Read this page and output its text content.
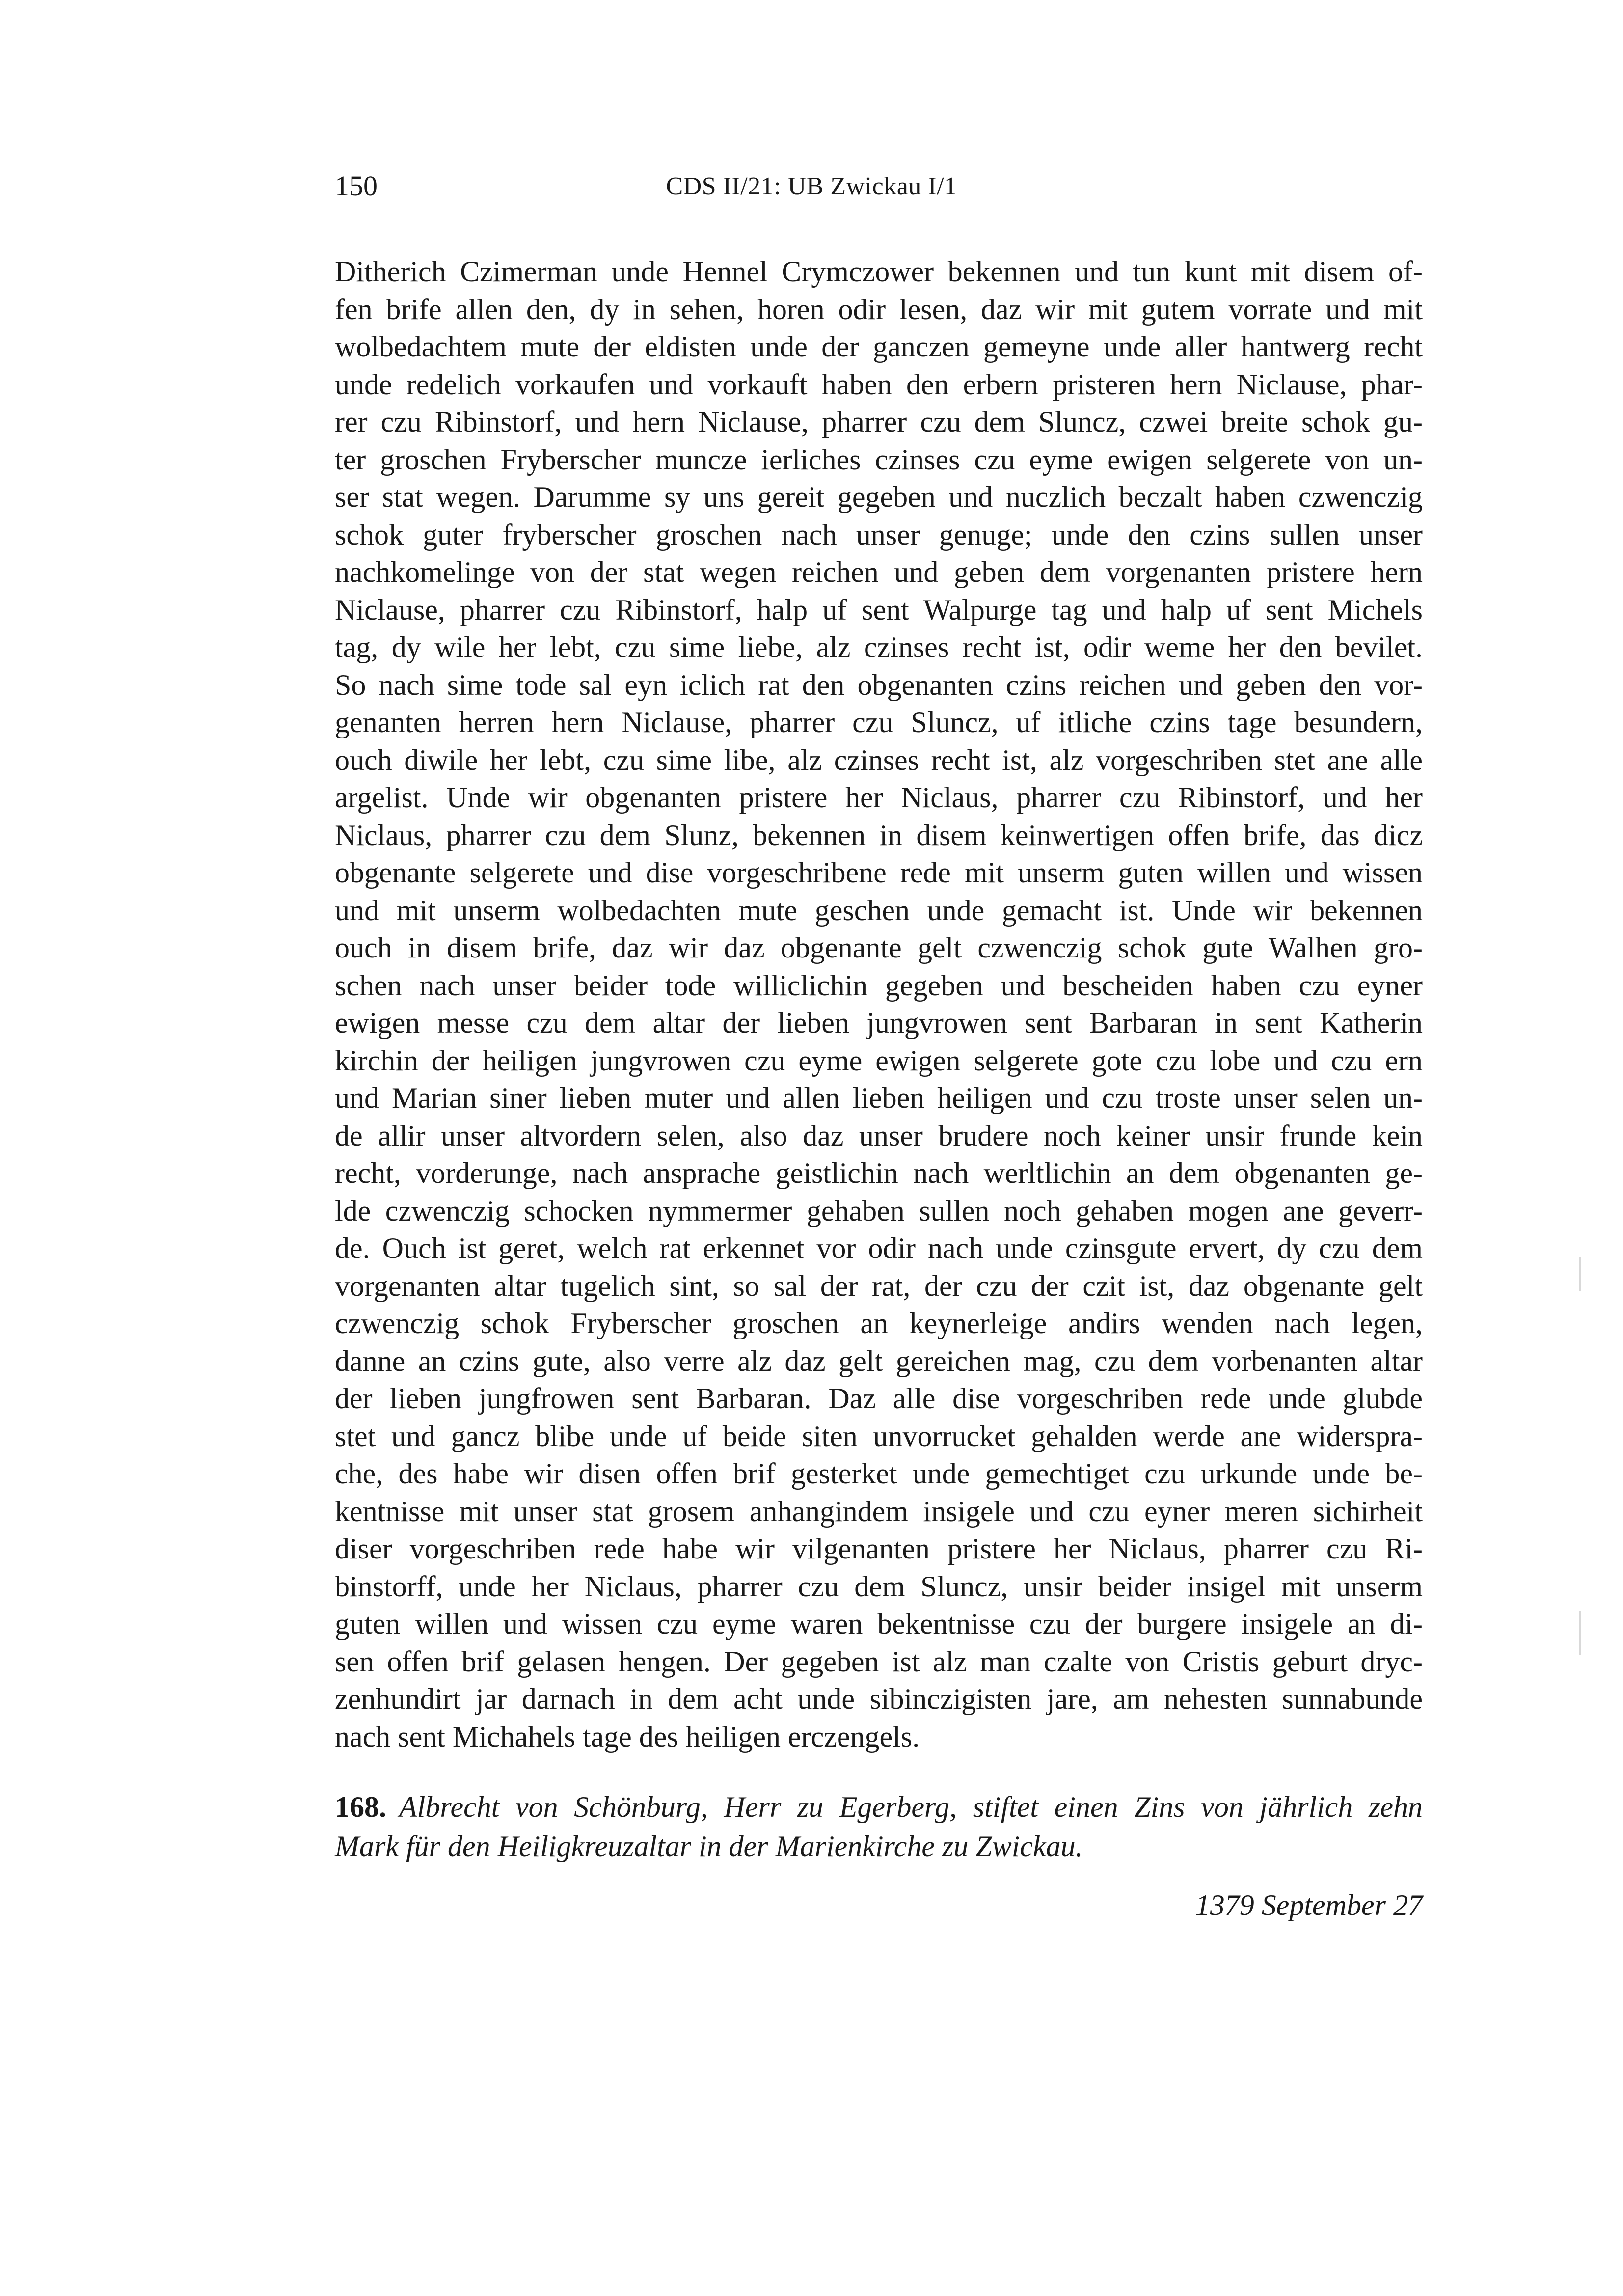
150	CDS II/21: UB Zwickau I/1
Ditherich Czimerman unde Hennel Crymczower bekennen und tun kunt mit disem of-
fen brife allen den, dy in sehen, horen odir lesen, daz wir mit gutem vorrate und mit
wolbedachtem mute der eldisten unde der ganczen gemeyne unde aller hantwerg recht
unde redelich vorkaufen und vorkauft haben den erbern pristeren hern Niclause, phar-
rer czu Ribinstorf, und hern Niclause, pharrer czu dem Sluncz, czwei breite schok gu-
ter groschen Fryberscher muncze ierliches czinses czu eyme ewigen selgerete von un-
ser stat wegen. Darumme sy uns gereit gegeben und nuczlich beczalt haben czwenczig
schok guter fryberscher groschen nach unser genuge; unde den czins sullen unser
nachkomelinge von der stat wegen reichen und geben dem vorgenanten pristere hern
Niclause, pharrer czu Ribinstorf, halp uf sent Walpurge tag und halp uf sent Michels
tag, dy wile her lebt, czu sime liebe, alz czinses recht ist, odir weme her den bevilet.
So nach sime tode sal eyn iclich rat den obgenanten czins reichen und geben den vor-
genanten herren hern Niclause, pharrer czu Sluncz, uf itliche czins tage besundern,
ouch diwile her lebt, czu sime libe, alz czinses recht ist, alz vorgeschriben stet ane alle
argelist. Unde wir obgenanten pristere her Niclaus, pharrer czu Ribinstorf, und her
Niclaus, pharrer czu dem Slunz, bekennen in disem keinwertigen offen brife, das dicz
obgenante selgerete und dise vorgeschribene rede mit unserm guten willen und wissen
und mit unserm wolbedachten mute geschen unde gemacht ist. Unde wir bekennen
ouch in disem brife, daz wir daz obgenante gelt czwenczig schok gute Walhen gro-
schen nach unser beider tode williclichin gegeben und bescheiden haben czu eyner
ewigen messe czu dem altar der lieben jungvrowen sent Barbaran in sent Katherin
kirchin der heiligen jungvrowen czu eyme ewigen selgerete gote czu lobe und czu ern
und Marian siner lieben muter und allen lieben heiligen und czu troste unser selen un-
de allir unser altvordern selen, also daz unser brudere noch keiner unsir frunde kein
recht, vorderunge, nach ansprache geistlichin nach werltlichin an dem obgenanten ge-
lde czwenczig schocken nymmermer gehaben sullen noch gehaben mogen ane geverr-
de. Ouch ist geret, welch rat erkennet vor odir nach unde czinsgute ervert, dy czu dem
vorgenanten altar tugelich sint, so sal der rat, der czu der czit ist, daz obgenante gelt
czwenczig schok Fryberscher groschen an keynerleige andirs wenden nach legen,
danne an czins gute, also verre alz daz gelt gereichen mag, czu dem vorbenanten altar
der lieben jungfrowen sent Barbaran. Daz alle dise vorgeschriben rede unde glubde
stet und gancz blibe unde uf beide siten unvorrucket gehalden werde ane widerspra-
che, des habe wir disen offen brif gesterket unde gemechtiget czu urkunde unde be-
kentnisse mit unser stat grosem anhangindem insigele und czu eyner meren sichirheit
diser vorgeschriben rede habe wir vilgenanten pristere her Niclaus, pharrer czu Ri-
binstorff, unde her Niclaus, pharrer czu dem Sluncz, unsir beider insigel mit unserm
guten willen und wissen czu eyme waren bekentnisse czu der burgere insigele an di-
sen offen brif gelasen hengen. Der gegeben ist alz man czalte von Cristis geburt dryc-
zenhundirt jar darnach in dem acht unde sibinczigisten jare, am nehesten sunnabunde
nach sent Michahels tage des heiligen erczengels.
168. Albrecht von Schönburg, Herr zu Egerberg, stiftet einen Zins von jährlich zehn
Mark für den Heiligkreuzaltar in der Marienkirche zu Zwickau.
1379 September 27
